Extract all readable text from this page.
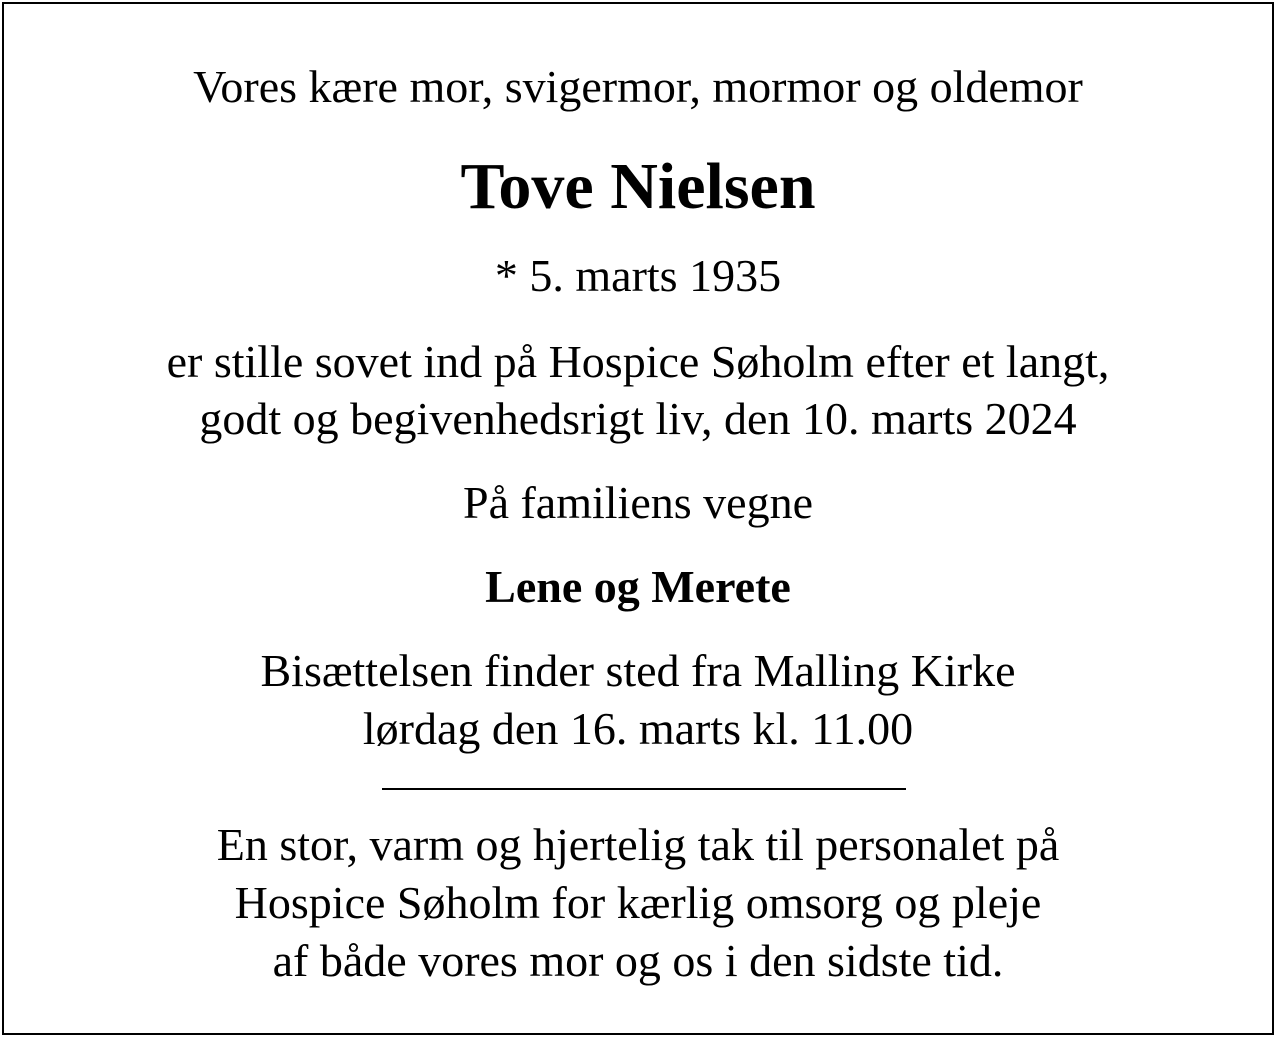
Vores kære mor, svigermor, mormor og oldemor
Tove Nielsen
* 5. marts 1935
er stille sovet ind på Hospice Søholm efter et langt,
godt og begivenhedsrigt liv, den 10. marts 2024
På familiens vegne
Lene og Merete
Bisættelsen finder sted fra Malling Kirke
lørdag den 16. marts kl. 11.00
En stor, varm og hjertelig tak til personalet på
Hospice Søholm for kærlig omsorg og pleje
af både vores mor og os i den sidste tid.
